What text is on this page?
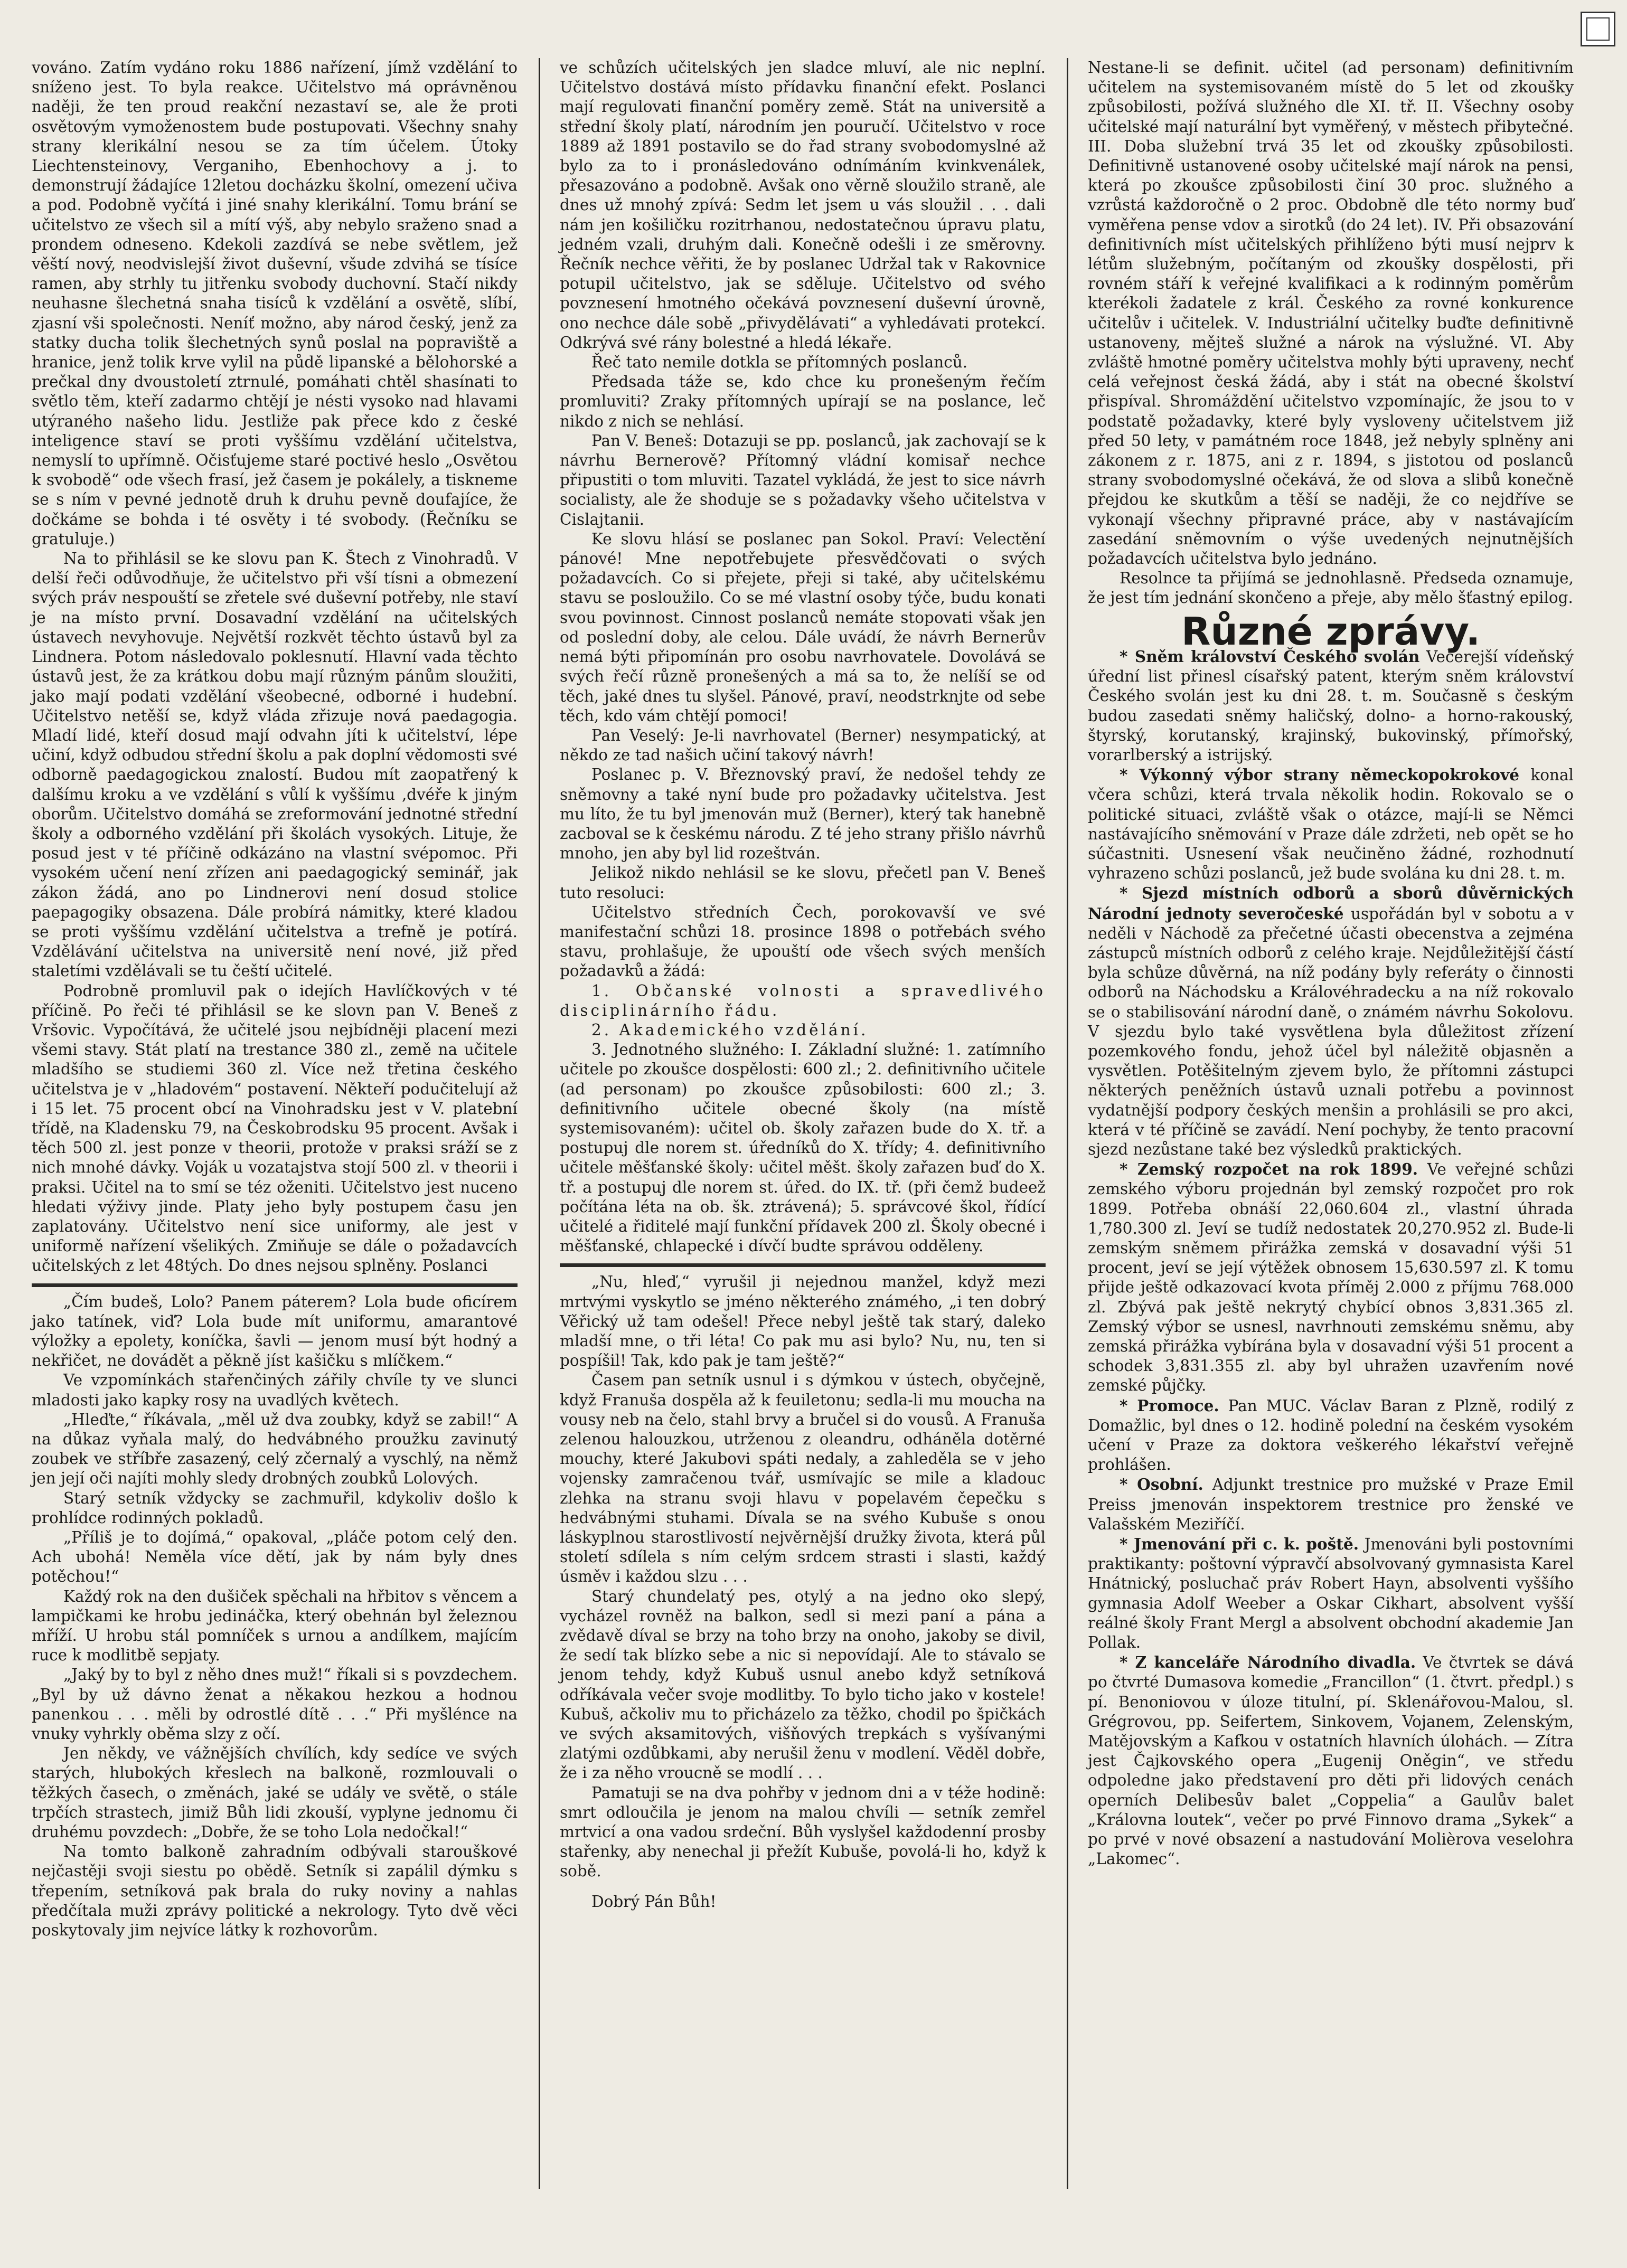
vováno. Zatím vydáno roku 1886 nařízení, jímž vzdělání to sníženo jest. To byla reakce. Učitelstvo má oprávněnou naději, že ten proud reakční nezastaví se, ale že proti osvětovým vymoženostem bude postupovati. Všechny snahy strany klerikální nesou se za tím účelem. Útoky Liechtensteinovy, Verganiho, Ebenhochovy a j. to demonstrují žádajíce 12letou docházku školní, omezení učiva a pod. Podobně vyčítá i jiné snahy klerikální. Tomu brání se učitelstvo ze všech sil a mítí výš, aby nebylo sraženo snad a prondem odneseno. Kdekoli zazdívá se nebe světlem, jež věští nový, neodvislejší život duševní, všude zdvihá se tísíce ramen, aby strhly tu jitřenku svobody duchovní. Stačí nikdy neuhasne šlechetná snaha tisíců k vzdělání a osvětě, slíbí, zjasní vši společnosti. Neníť možno, aby národ český, jenž za statky ducha tolik šlechetných synů poslal na popraviště a hranice, jenž tolik krve vylil na půdě lipanské a bělohorské a prečkal dny dvoustoletí ztrnulé, pomáhati chtěl shasínati to světlo těm, kteří zadarmo chtějí je nésti vysoko nad hlavami utýraného našeho lidu. Jestliže pak přece kdo z české inteligence staví se proti vyššímu vzdělání učitelstva, nemyslí to upřímně. Očisťujeme staré poctivé heslo „Osvětou k svobodě“ ode všech frasí, jež časem je pokálely, a tiskneme se s ním v pevné jednotě druh k druhu pevně doufajíce, že dočkáme se bohda i té osvěty i té svobody. (Řečníku se gratuluje.)

Na to přihlásil se ke slovu pan K. Štech z Vinohradů. V delší řeči odůvodňuje, že učitelstvo při vší tísni a obmezení svých práv nespouští se zřetele své duševní potřeby, nle staví je na místo první. Dosavadní vzdělání na učitelských ústavech nevyhovuje. Největší rozkvět těchto ústavů byl za Lindnera. Potom následovalo poklesnutí. Hlavní vada těchto ústavů jest, že za krátkou dobu mají různým pánům sloužiti, jako mají podati vzdělání všeobecné, odborné i hudební. Učitelstvo netěší se, když vláda zřizuje nová paedagogia. Mladí lidé, kteří dosud mají odvahn jíti k učitelství, lépe učiní, když odbudou střední školu a pak doplní vědomosti své odborně paedagogickou znalostí. Budou mít zaopatřený k dalšímu kroku a ve vzdělání s vůlí k vyššímu ‚dvéře k jiným oborům. Učitelstvo domáhá se zreformování jednotné střední školy a odborného vzdělání při školách vysokých. Lituje, že posud jest v té příčině odkázáno na vlastní svépomoc. Při vysokém učení není zřízen ani paedagogický seminář, jak zákon žádá, ano po Lindnerovi není dosud stolice paepagogiky obsazena. Dále probírá námitky, které kladou se proti vyššímu vzdělání učitelstva a trefně je potírá. Vzdělávání učitelstva na universitě není nové, již před staletími vzdělávali se tu čeští učitelé.

Podrobně promluvil pak o idejích Havlíčkových v té příčině. Po řeči té přihlásil se ke slovn pan V. Beneš z Vršovic. Vypočítává, že učitelé jsou nejbídněji placení mezi všemi stavy. Stát platí na trestance 380 zl., země na učitele mladšího se studiemi 360 zl. Více než třetina českého učitelstva je v „hladovém“ postavení. Někteří podučitelují až i 15 let. 75 procent obcí na Vinohradsku jest v V. platební třídě, na Kladensku 79, na Českobrodsku 95 procent. Avšak i těch 500 zl. jest ponze v theorii, protože v praksi sráží se z nich mnohé dávky. Voják u vozatajstva stojí 500 zl. v theorii i praksi. Učitel na to smí se téz oženiti. Učitelstvo jest nuceno hledati výživy jinde. Platy jeho byly postupem času jen zaplatovány. Učitelstvo není sice uniformy, ale jest v uniformě nařízení všelikých. Zmiňuje se dále o požadavcích učitelských z let 48tých. Do dnes nejsou splněny. Poslanci

„Čím budeš, Lolo? Panem páterem? Lola bude oficírem jako tatínek, viď? Lola bude mít uniformu, amarantové výložky a epolety, koníčka, šavli — jenom musí být hodný a nekřičet, ne dovádět a pěkně jíst kašičku s mlíčkem.“

Ve vzpomínkách stařenčiných zářily chvíle ty ve slunci mladosti jako kapky rosy na uvadlých květech.

„Hleďte,“ říkávala, „měl už dva zoubky, když se zabil!“ A na důkaz vyňala malý, do hedvábného proužku zavinutý zoubek ve stříbře zasazený, celý zčernalý a vyschlý, na němž jen její oči najíti mohly sledy drobných zoubků Lolových.

Starý setník vždycky se zachmuřil, kdykoliv došlo k prohlídce rodinných pokladů.

„Příliš je to dojímá,“ opakoval, „pláče potom celý den. Ach ubohá! Neměla více dětí, jak by nám byly dnes potěchou!“

Každý rok na den dušiček spěchali na hřbitov s věncem a lampičkami ke hrobu jedináčka, který obehnán byl železnou mříží. U hrobu stál pomníček s urnou a andílkem, majícím ruce k modlitbě sepjaty.

„Jaký by to byl z něho dnes muž!“ říkali si s povzdechem. „Byl by už dávno ženat a někakou hezkou a hodnou panenkou . . . měli by odrostlé dítě . . .“ Při myšlénce na vnuky vyhrkly oběma slzy z očí.

Jen někdy, ve vážnějších chvílích, kdy sedíce ve svých starých, hlubokých křeslech na balkoně, rozmlouvali o těžkých časech, o změnách, jaké se udály ve světě, o stále trpčích strastech, jimiž Bůh lidi zkouší, vyplyne jednomu či druhému povzdech: „Dobře, že se toho Lola nedočkal!“

Na tomto balkoně zahradním odbývali starouškové nejčastěji svoji siestu po obědě. Setník si zapálil dýmku s třepením, setníková pak brala do ruky noviny a nahlas předčítala muži zprávy politické a nekrology. Tyto dvě věci poskytovaly jim nejvíce látky k rozhovorům.

ve schůzích učitelských jen sladce mluví, ale nic neplní. Učitelstvo dostává místo přídavku finanční efekt. Poslanci mají regulovati finanční poměry země. Stát na universitě a střední školy platí, národním jen pouručí. Učitelstvo v roce 1889 až 1891 postavilo se do řad strany svobodomyslné až bylo za to i pronásledováno odnímáním kvinkvenálek, přesazováno a podobně. Avšak ono věrně sloužilo straně, ale dnes už mnohý zpívá: Sedm let jsem u vás sloužil . . . dali nám jen košiličku rozitrhanou, nedostatečnou úpravu platu, jedném vzali, druhým dali. Konečně odešli i ze směrovny. Řečník nechce věřiti, že by poslanec Udržal tak v Rakovnice potupil učitelstvo, jak se sděluje. Učitelstvo od svého povznesení hmotného očekává povznesení duševní úrovně, ono nechce dále sobě „přivydělávati“ a vyhledávati protekcí. Odkrývá své rány bolestné a hledá lékaře.

Řeč tato nemile dotkla se přítomných poslanců.

Předsada táže se, kdo chce ku pronešeným řečím promluviti? Zraky přítomných upírají se na poslance, leč nikdo z nich se nehlásí.

Pan V. Beneš: Dotazuji se pp. poslanců, jak zachovají se k návrhu Bernerově? Přítomný vládní komisař nechce připustiti o tom mluviti. Tazatel vykládá, že jest to sice návrh socialisty, ale že shoduje se s požadavky všeho učitelstva v Cislajtanii.

Ke slovu hlásí se poslanec pan Sokol. Praví: Velectění pánové! Mne nepotřebujete přesvědčovati o svých požadavcích. Co si přejete, přeji si také, aby učitelskému stavu se posloužilo. Co se mé vlastní osoby týče, budu konati svou povinnost. Cinnost poslanců nemáte stopovati však jen od poslední doby, ale celou. Dále uvádí, že návrh Bernerův nemá býti připomínán pro osobu navrhovatele. Dovolává se svých řečí různě pronešených a má sa to, že nelíší se od těch, jaké dnes tu slyšel. Pánové, praví, neodstrknjte od sebe těch, kdo vám chtějí pomoci!

Pan Veselý: Je-li navrhovatel (Berner) nesympatický, at někdo ze tad našich učiní takový návrh!

Poslanec p. V. Březnovský praví, že nedošel tehdy ze sněmovny a také nyní bude pro požadavky učitelstva. Jest mu líto, že tu byl jmenován muž (Berner), který tak hanebně zacboval se k českému národu. Z té jeho strany přišlo návrhů mnoho, jen aby byl lid rozeštván.

Jelikož nikdo nehlásil se ke slovu, přečetl pan V. Beneš tuto resoluci:

Učitelstvo středních Čech, porokovavší ve své manifestační schůzi 18. prosince 1898 o potřebách svého stavu, prohlašuje, že upouští ode všech svých menších požadavků a žádá:

1. Občanské volnosti a spravedlivého disciplinárního řádu.

2. Akademického vzdělání.

3. Jednotného služného: I. Základní služné: 1. zatímního učitele po zkoušce dospělosti: 600 zl.; 2. definitivního učitele (ad personam) po zkoušce způsobilosti: 600 zl.; 3. definitivního učitele obecné školy (na místě systemisovaném): učitel ob. školy zařazen bude do X. tř. a postupuj dle norem st. úředníků do X. třídy; 4. definitivního učitele měšťanské školy: učitel měšt. školy zařazen buď do X. tř. a postupuj dle norem st. úřed. do IX. tř. (při čemž budeež počítána léta na ob. šk. ztrávená); 5. správcové škol, řídící učitelé a řiditelé mají funkční přídavek 200 zl. Školy obecné i měšťanské, chlapecké i dívčí budte správou odděleny.

„Nu, hleď,“ vyrušil ji nejednou manžel, když mezi mrtvými vyskytlo se jméno některého známého, „i ten dobrý Věřický už tam odešel! Přece nebyl ještě tak starý, daleko mladší mne, o tři léta! Co pak mu asi bylo? Nu, nu, ten si pospíšil! Tak, kdo pak je tam ještě?“

Časem pan setník usnul i s dýmkou v ústech, obyčejně, když Franuša dospěla až k feuiletonu; sedla-li mu moucha na vousy neb na čelo, stahl brvy a bručel si do vousů. A Franuša zelenou halouzkou, utrženou z oleandru, odháněla dotěrné mouchy, které Jakubovi spáti nedaly, a zahleděla se v jeho vojensky zamračenou tvář, usmívajíc se mile a kladouc zlehka na stranu svoji hlavu v popelavém čepečku s hedvábnými stuhami. Dívala se na svého Kubuše s onou láskyplnou starostlivostí nejvěrnější družky života, která půl století sdílela s ním celým srdcem strasti i slasti, každý úsměv i každou slzu . . .

Starý chundelatý pes, otylý a na jedno oko slepý, vycházel rovněž na balkon, sedl si mezi paní a pána a zvědavě díval se brzy na toho brzy na onoho, jakoby se divil, že sedí tak blízko sebe a nic si nepovídají. Ale to stávalo se jenom tehdy, když Kubuš usnul anebo když setníková odříkávala večer svoje modlitby. To bylo ticho jako v kostele! Kubuš, ačkoliv mu to přicházelo za těžko, chodil po špičkách ve svých aksamitových, višňových trepkách s vyšívanými zlatými ozdůbkami, aby nerušil ženu v modlení. Věděl dobře, že i za něho vroucně se modlí . . .

Pamatuji se na dva pohřby v jednom dni a v téže hodině: smrt odloučila je jenom na malou chvíli — setník zemřel mrtvicí a ona vadou srdeční. Bůh vyslyšel každodenní prosby stařenky, aby nenechal ji přežít Kubuše, povolá-li ho, když k sobě.

Dobrý Pán Bůh!

Nestane-li se definit. učitel (ad personam) definitivním učitelem na systemisovaném místě do 5 let od zkoušky způsobilosti, požívá služného dle XI. tř. II. Všechny osoby učitelské mají naturální byt vyměřený, v městech přibytečné. III. Doba služební trvá 35 let od zkoušky způsobilosti. Definitivně ustanovené osoby učitelské mají nárok na pensi, která po zkoušce způsobilosti činí 30 proc. služného a vzrůstá každoročně o 2 proc. Obdobně dle této normy buď vyměřena pense vdov a sirotků (do 24 let). IV. Při obsazování definitivních míst učitelských přihlíženo býti musí nejprv k létům služebným, počítaným od zkoušky dospělosti, při rovném stáří k veřejné kvalifikaci a k rodinným poměrům kterékoli žadatele z král. Českého za rovné konkurence učitelův i učitelek. V. Industriální učitelky buďte definitivně ustanoveny, mějteš služné a nárok na výslužné. VI. Aby zvláště hmotné poměry učitelstva mohly býti upraveny, nechť celá veřejnost česká žádá, aby i stát na obecné školství přispíval. Shromáždění učitelstvo vzpomínajíc, že jsou to v podstatě požadavky, které byly vysloveny učitelstvem již před 50 lety, v památném roce 1848, jež nebyly splněny ani zákonem z r. 1875, ani z r. 1894, s jistotou od poslanců strany svobodomyslné očekává, že od slova a slibů konečně přejdou ke skutkům a těší se naději, že co nejdříve se vykonají všechny připravné práce, aby v nastávajícím zasedání sněmovním o výše uvedených nejnutnějších požadavcích učitelstva bylo jednáno.

Resolnce ta přijímá se jednohlasně. Předseda oznamuje, že jest tím jednání skončeno a přeje, aby mělo šťastný epilog.

Různé zprávy.

* Sněm království Českého svolán Večerejší vídeňský úřední list přinesl císařský patent, kterým sněm království Českého svolán jest ku dni 28. t. m. Současně s českým budou zasedati sněmy haličský, dolno- a horno-rakouský, štyrský, korutanský, krajinský, bukovinský, přímořský, vorarlberský a istrijský.

* Výkonný výbor strany německopokrokové konal včera schůzi, která trvala několik hodin. Rokovalo se o politické situaci, zvláště však o otázce, mají-li se Němci nastávajícího sněmování v Praze dále zdržeti, neb opět se ho súčastniti. Usnesení však neučiněno žádné, rozhodnutí vyhrazeno schůzi poslanců, jež bude svolána ku dni 28. t. m.

* Sjezd místních odborů a sborů důvěrnických Národní jednoty severočeské uspořádán byl v sobotu a v neděli v Náchodě za přečetné účasti obecenstva a zejména zástupců místních odborů z celého kraje. Nejdůležitější částí byla schůze důvěrná, na níž podány byly referáty o činnosti odborů na Náchodsku a Královéhradecku a na níž rokovalo se o stabilisování národní daně, o známém návrhu Sokolovu. V sjezdu bylo také vysvětlena byla důležitost zřízení pozemkového fondu, jehož účel byl náležitě objasněn a vysvětlen. Potěšitelným zjevem bylo, že přítomni zástupci některých peněžních ústavů uznali potřebu a povinnost vydatnější podpory českých menšin a prohlásili se pro akci, která v té příčině se zavádí. Není pochyby, že tento pracovní sjezd nezůstane také bez výsledků praktických.

* Zemský rozpočet na rok 1899. Ve veřejné schůzi zemského výboru projednán byl zemský rozpočet pro rok 1899. Potřeba obnáší 22,060.604 zl., vlastní úhrada 1,780.300 zl. Jeví se tudíž nedostatek 20,270.952 zl. Bude-li zemským sněmem přirážka zemská v dosavadní výši 51 procent, jeví se její výtěžek obnosem 15,630.597 zl. K tomu přijde ještě odkazovací kvota příměj 2.000 z příjmu 768.000 zl. Zbývá pak ještě nekrytý chybící obnos 3,831.365 zl. Zemský výbor se usnesl, navrhnouti zemskému sněmu, aby zemská přirážka vybírána byla v dosavadní výši 51 procent a schodek 3,831.355 zl. aby byl uhražen uzavřením nové zemské půjčky.

* Promoce. Pan MUC. Václav Baran z Plzně, rodilý z Domažlic, byl dnes o 12. hodině polední na českém vysokém učení v Praze za doktora veškerého lékařství veřejně prohlášen.

* Osobní. Adjunkt trestnice pro mužské v Praze Emil Preiss jmenován inspektorem trestnice pro ženské ve Valašském Meziříčí.

* Jmenování při c. k. poště. Jmenováni byli postovními praktikanty: poštovní výpravčí absolvovaný gymnasista Karel Hnátnický, posluchač práv Robert Hayn, absolventi vyššího gymnasia Adolf Weeber a Oskar Cikhart, absolvent vyšší reálné školy Frant Mergl a absolvent obchodní akademie Jan Pollak.

* Z kanceláře Národního divadla. Ve čtvrtek se dává po čtvrté Dumasova komedie „Francillon“ (1. čtvrt. předpl.) s pí. Benoniovou v úloze titulní, pí. Sklenářovou-Malou, sl. Grégrovou, pp. Seifertem, Sinkovem, Vojanem, Zelenským, Matějovským a Kafkou v ostatních hlavních úlohách. — Zítra jest Čajkovského opera „Eugenij Oněgin“, ve středu odpoledne jako představení pro děti při lidových cenách operních Delibesův balet „Coppelia“ a Gaulův balet „Královna loutek“, večer po prvé Finnovo drama „Sykek“ a po prvé v nové obsazení a nastudování Molièrova veselohra „Lakomec“.
